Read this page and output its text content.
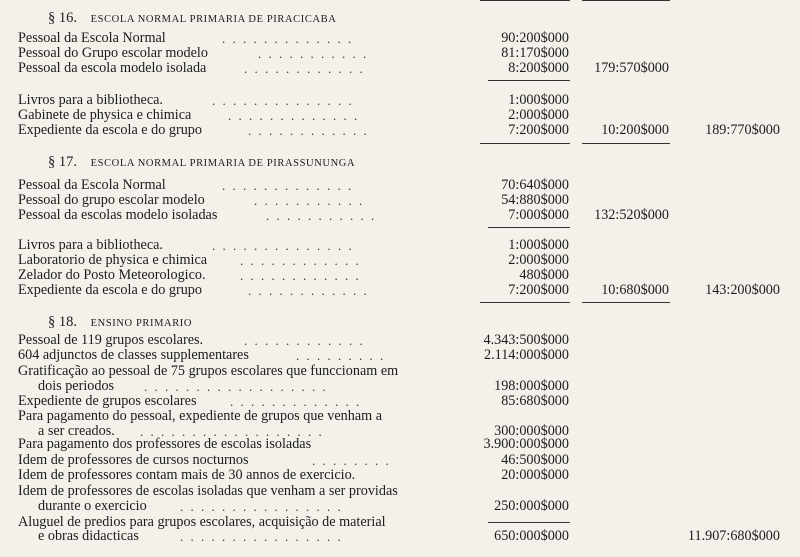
§ 16. ESCOLA NORMAL PRIMARIA DE PIRACICABA
Pessoal da Escola Normal	. . . . . . . . . . . . .	90:200$000
Pessoal do Grupo escolar modelo	. . . . . . . . . . .	81:170$000
Pessoal da escola modelo isolada	. . . . . . . . . . . .	8:200$000 179:570$000
Livros para a bibliotheca.	. . . . . . . . . . . . . .	1:000$000
Gabinete de physica e chimica	. . . . . . . . . . . . .	2:000$000
Expediente da escola e do grupo	. . . . . . . . . . . .	7:200$000 10:200$000	189:770$000
§ 17. ESCOLA NORMAL PRIMARIA DE PIRASSUNUNGA
Pessoal da Escola Normal	. . . . . . . . . . . . .	70:640$000
Pessoal do grupo escolar modelo	. . . . . . . . . . .	54:880$000
Pessoal da escolas modelo isoladas	. . . . . . . . . . .	7:000$000 132:520$000
Livros para a bibliotheca.	. . . . . . . . . . . . . .	1:000$000
Laboratorio de physica e chimica	. . . . . . . . . . . .	2:000$000
Zelador do Posto Meteorologico.	. . . . . . . . . . . .	480$000
Expediente da escola e do grupo	. . . . . . . . . . . .	7:200$000 10:680$000	143:200$000
§ 18. ENSINO PRIMARIO
Pessoal de 119 grupos escolares.	. . . . . . . . . . . .	4.343:500$000
604 adjunctos de classes supplementares	. . . . . . . . .	2.114:000$000
Gratificação ao pessoal de 75 grupos escolares que funccionam em
dois periodos . . . . . . . . . . . . . . . . . .	198:000$000
Expediente de grupos escolares	. . . . . . . . . . . . .	85:680$000
Para pagamento do pessoal, expediente de grupos que venham a
a ser creados. . . . . . . . . . . . . . . . . . .	300:000$000
Para pagamento dos professores de escolas isoladas	3.900:000$000
Idem de professores de cursos nocturnos	. . . . . . . .	46:500$000
Idem de professores contam mais de 30 annos de exercicio.	20:000$000
Idem de professores de escolas isoladas que venham a ser providas
durante o exercicio	. . . . . . . . . . . . . . . .	250:000$000
Aluguel de predios para grupos escolares, acquisição de material
e obras didacticas	. . . . . . . . . . . . . . . .	650:000$000	11.907:680$000
